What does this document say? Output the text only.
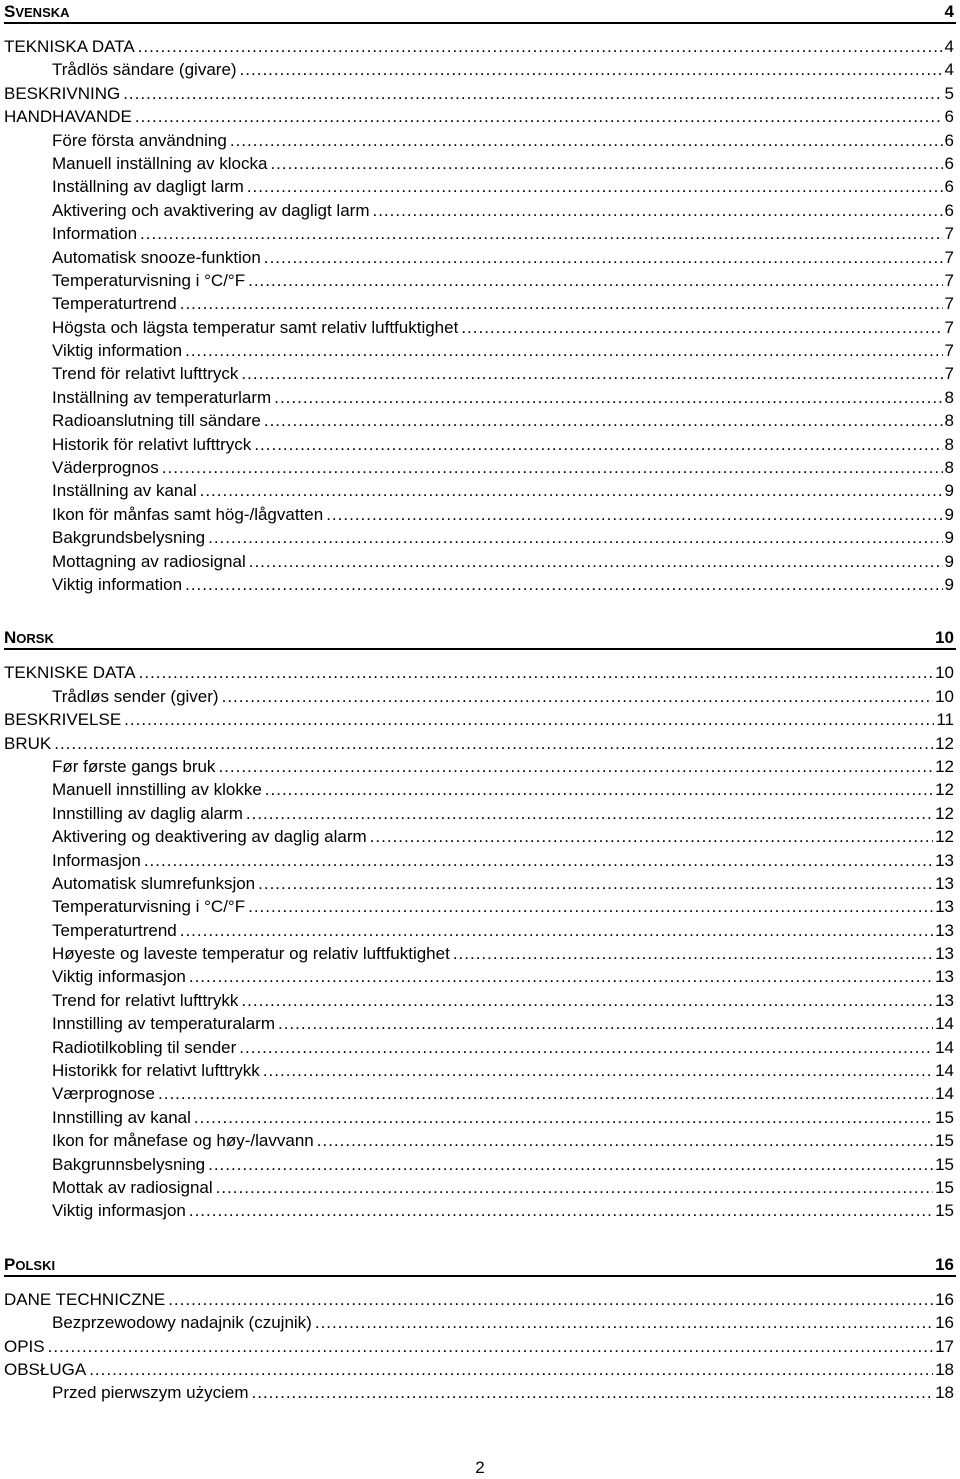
SVENSKA	4
TEKNISKA DATA .....	4
Trådlös sändare (givare) .....	4
BESKRIVNING .....	5
HANDHAVANDE .....	6
Före första användning .....	6
Manuell inställning av klocka .....	6
Inställning av dagligt larm .....	6
Aktivering och avaktivering av dagligt larm .....	6
Information .....	7
Automatisk snooze-funktion .....	7
Temperaturvisning i °C/°F .....	7
Temperaturtrend .....	7
Högsta och lägsta temperatur samt relativ luftfuktighet .....	7
Viktig information .....	7
Trend för relativt lufttryck .....	7
Inställning av temperaturlarm .....	8
Radioanslutning till sändare .....	8
Historik för relativt lufttryck .....	8
Väderprognos .....	8
Inställning av kanal .....	9
Ikon för månfas samt hög-/lågvatten .....	9
Bakgrundsbelysning .....	9
Mottagning av radiosignal .....	9
Viktig information .....	9
NORSK	10
TEKNISKE DATA .....	10
Trådløs sender (giver) .....	10
BESKRIVELSE .....	11
BRUK .....	12
Før første gangs bruk .....	12
Manuell innstilling av klokke .....	12
Innstilling av daglig alarm .....	12
Aktivering og deaktivering av daglig alarm .....	12
Informasjon .....	13
Automatisk slumrefunksjon .....	13
Temperaturvisning i °C/°F .....	13
Temperaturtrend .....	13
Høyeste og laveste temperatur og relativ luftfuktighet .....	13
Viktig informasjon .....	13
Trend for relativt lufttrykk .....	13
Innstilling av temperaturalarm .....	14
Radiotilkobling til sender .....	14
Historikk for relativt lufttrykk .....	14
Værprognose .....	14
Innstilling av kanal .....	15
Ikon for månefase og høy-/lavvann .....	15
Bakgrunnsbelysning .....	15
Mottak av radiosignal .....	15
Viktig informasjon .....	15
POLSKI	16
DANE TECHNICZNE .....	16
Bezprzewodowy nadajnik (czujnik) .....	16
OPIS .....	17
OBSŁUGA .....	18
Przed pierwszym użyciem .....	18
2
